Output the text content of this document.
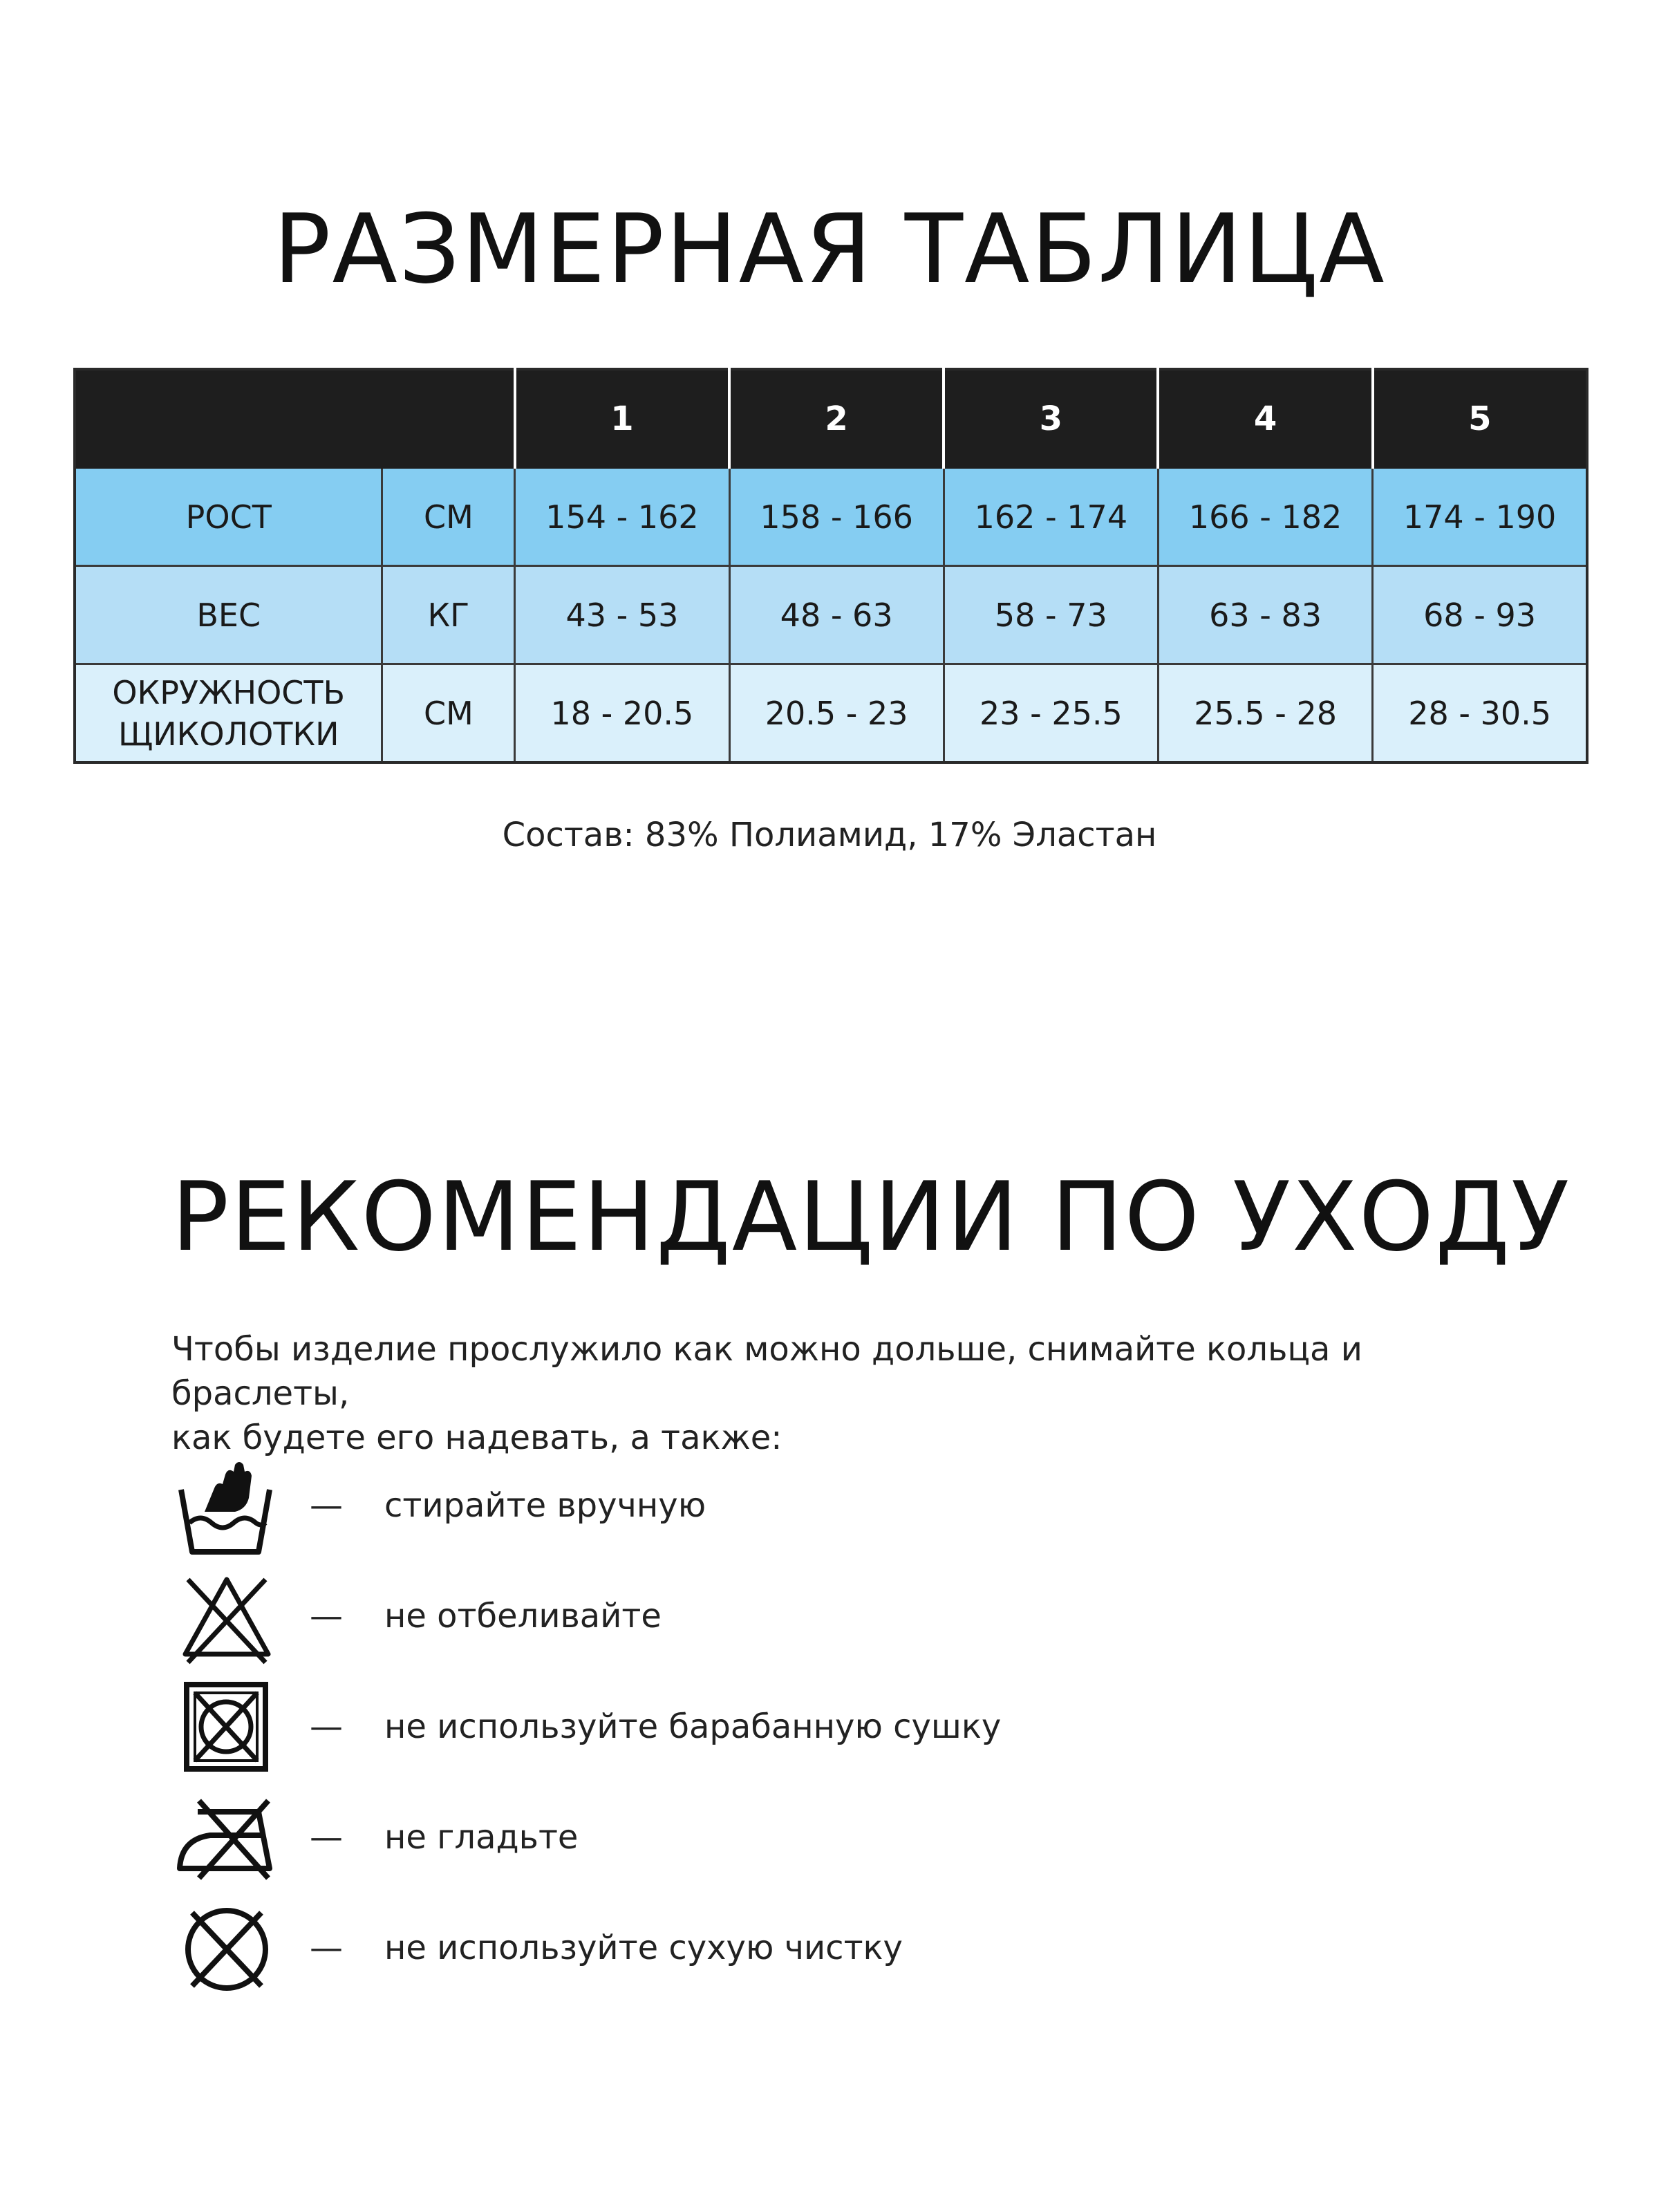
РАЗМЕРНАЯ ТАБЛИЦА
		1	2	3	4	5
РОСТ	СМ	154 - 162	158 - 166	162 - 174	166 - 182	174 - 190
ВЕС	КГ	43 - 53	48 - 63	58 - 73	63 - 83	68 - 93
ОКРУЖНОСТЬ
ЩИКОЛОТКИ	СМ	18 - 20.5	20.5 - 23	23 - 25.5	25.5 - 28	28 - 30.5
Состав: 83% Полиамид, 17% Эластан
РЕКОМЕНДАЦИИ ПО УХОДУ
Чтобы изделие прослужило как можно дольше, снимайте кольца и браслеты,
как будете его надевать, а также:
— стирайте вручную
— не отбеливайте
— не используйте барабанную сушку
— не гладьте
— не используйте сухую чистку
